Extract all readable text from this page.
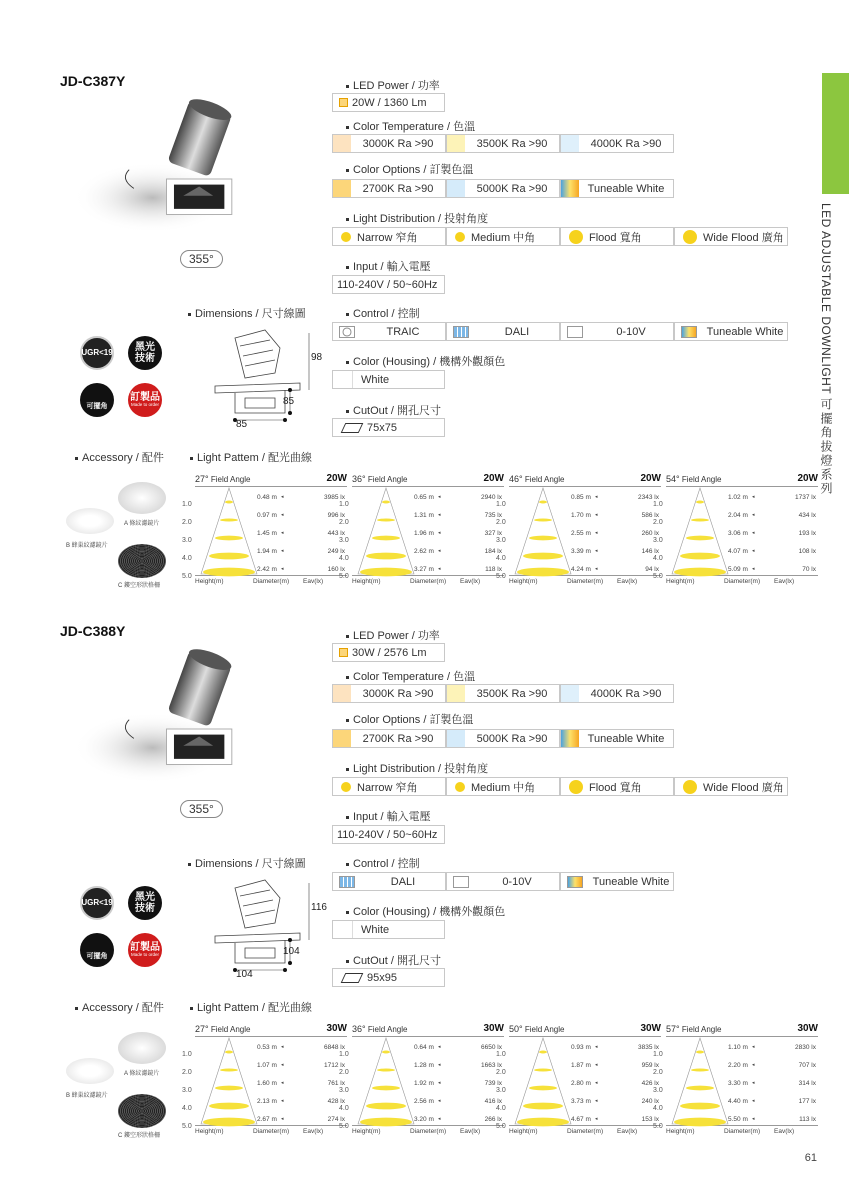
LED ADJUSTABLE DOWNLIGHT
可擺角拔燈系列
61
JD-C387Y
355°
Dimensions / 尺寸線圖
98
85
85
UGR<19 黑光
技術
可擺角
訂製品
Made to order
Accessory / 配件
A 條紋濾鏡片
B 蜂巢紋濾鏡片
C 鏤空形狀格柵
Light Pattem / 配光曲線
27° Field Angle	20W
1.0
2.0
3.0
4.0
5.0
0.48 m ◂	3985 lx
0.97 m ◂	996 lx
1.45 m ◂	443 lx
1.94 m ◂	249 lx
2.42 m ◂	160 lx
Height(m)	Diameter(m) Eav(lx)
36° Field Angle	20W
1.0
2.0
3.0
4.0
5.0
0.65 m ◂	2940 lx
1.31 m ◂	735 lx
1.96 m ◂	327 lx
2.62 m ◂	184 lx
3.27 m ◂	118 lx
Height(m)	Diameter(m) Eav(lx)
46° Field Angle	20W
1.0
2.0
3.0
4.0
5.0
0.85 m ◂	2343 lx
1.70 m ◂	586 lx
2.55 m ◂	260 lx
3.39 m ◂	146 lx
4.24 m ◂	94 lx
Height(m)	Diameter(m) Eav(lx)
54° Field Angle	20W
1.0
2.0
3.0
4.0
5.0
1.02 m ◂	1737 lx
2.04 m ◂	434 lx
3.06 m ◂	193 lx
4.07 m ◂	108 lx
5.09 m ◂	70 lx
Height(m)	Diameter(m) Eav(lx)
LED Power / 功率
20W / 1360 Lm
Color Temperature / 色溫
3000K Ra >90	3500K Ra >90	4000K Ra >90
Color Options / 訂製色溫
2700K Ra >90	5000K Ra >90	Tuneable White
Light Distribution / 投射角度
Narrow 窄角	Medium 中角	Flood 寬角	Wide Flood 廣角
Input / 輸入電壓
110-240V / 50~60Hz
Control / 控制
TRAIC	DALI	0-10V	Tuneable White
Color (Housing) / 機構外觀顏色
White
CutOut / 開孔尺寸
75x75
JD-C388Y
355°
Dimensions / 尺寸線圖
116
104
104
UGR<19 黑光
技術
可擺角
訂製品
Made to order
Accessory / 配件
A 條紋濾鏡片
B 蜂巢紋濾鏡片
C 鏤空形狀格柵
Light Pattem / 配光曲線
27° Field Angle	30W
1.0
2.0
3.0
4.0
5.0
0.53 m ◂	6848 lx
1.07 m ◂	1712 lx
1.60 m ◂	761 lx
2.13 m ◂	428 lx
2.67 m ◂	274 lx
Height(m)	Diameter(m) Eav(lx)
36° Field Angle	30W
1.0
2.0
3.0
4.0
5.0
0.64 m ◂	6650 lx
1.28 m ◂	1663 lx
1.92 m ◂	739 lx
2.56 m ◂	416 lx
3.20 m ◂	266 lx
Height(m)	Diameter(m) Eav(lx)
50° Field Angle	30W
1.0
2.0
3.0
4.0
5.0
0.93 m ◂	3835 lx
1.87 m ◂	959 lx
2.80 m ◂	426 lx
3.73 m ◂	240 lx
4.67 m ◂	153 lx
Height(m)	Diameter(m) Eav(lx)
57° Field Angle	30W
1.0
2.0
3.0
4.0
5.0
1.10 m ◂	2830 lx
2.20 m ◂	707 lx
3.30 m ◂	314 lx
4.40 m ◂	177 lx
5.50 m ◂	113 lx
Height(m)	Diameter(m) Eav(lx)
LED Power / 功率
30W / 2576 Lm
Color Temperature / 色溫
3000K Ra >90	3500K Ra >90	4000K Ra >90
Color Options / 訂製色溫
2700K Ra >90	5000K Ra >90	Tuneable White
Light Distribution / 投射角度
Narrow 窄角	Medium 中角	Flood 寬角	Wide Flood 廣角
Input / 輸入電壓
110-240V / 50~60Hz
Control / 控制
DALI	0-10V	Tuneable White
Color (Housing) / 機構外觀顏色
White
CutOut / 開孔尺寸
95x95
